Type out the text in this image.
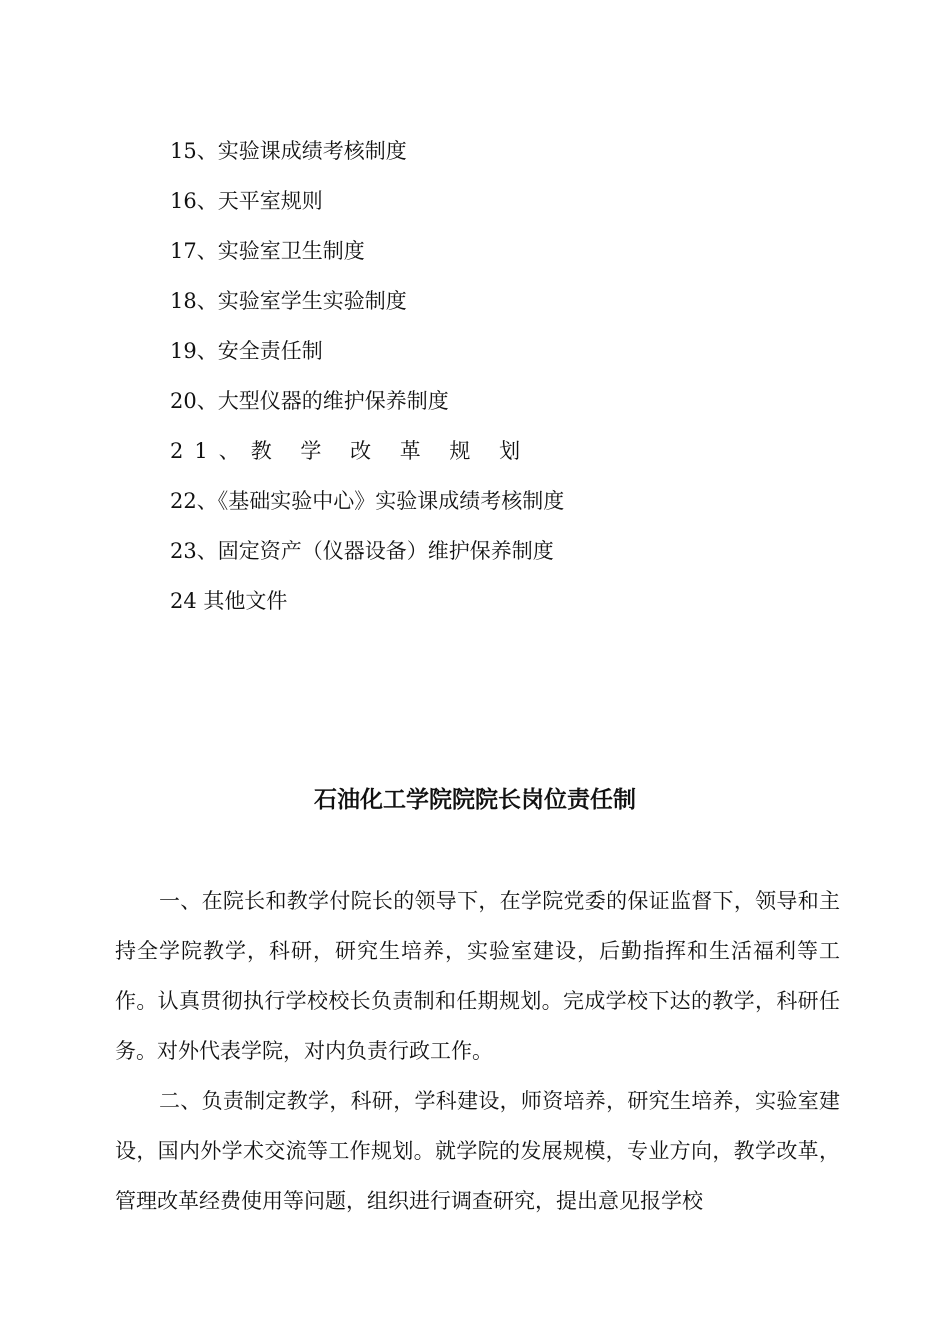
15、实验课成绩考核制度
16、天平室规则
17、实验室卫生制度
18、实验室学生实验制度
19、安全责任制
20、大型仪器的维护保养制度
21、教 学 改 革 规 划
22、《基础实验中心》实验课成绩考核制度
23、固定资产（仪器设备）维护保养制度
24 其他文件
石油化工学院院院长岗位责任制

一、在院长和教学付院长的领导下，在学院党委的保证监督下，领导和主持全学院教学，科研，研究生培养，实验室建设，后勤指挥和生活福利等工作。认真贯彻执行学校校长负责制和任期规划。完成学校下达的教学，科研任务。对外代表学院，对内负责行政工作。

二、负责制定教学，科研，学科建设，师资培养，研究生培养，实验室建设，国内外学术交流等工作规划。就学院的发展规模，专业方向，教学改革，管理改革经费使用等问题，组织进行调查研究，提出意见报学校
